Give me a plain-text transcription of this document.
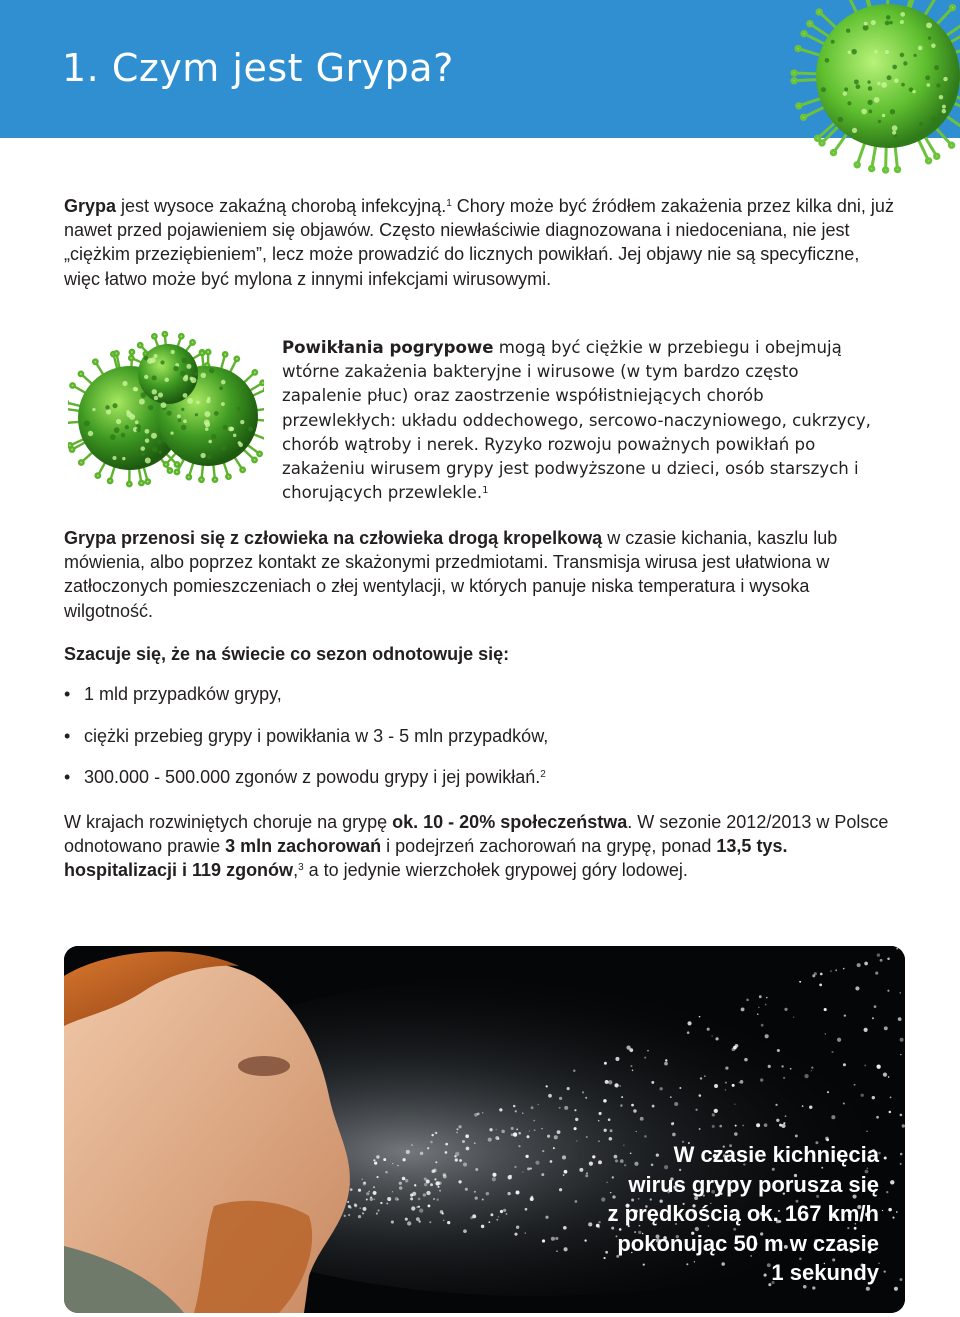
1. Czym jest Grypa?

Grypa jest wysoce zakaźną chorobą infekcyjną.$^1$ Chory może być źródłem zakażenia przez kilka dni, już nawet przed pojawieniem się objawów. Często niewłaściwie diagnozowana i niedoceniana, nie jest „ciężkim przeziębieniem”, lecz może prowadzić do licznych powikłań. Jej objawy nie są specyficzne, więc łatwo może być mylona z innymi infekcjami wirusowymi.

Powikłania pogrypowe mogą być ciężkie w przebiegu i obejmują wtórne zakażenia bakteryjne i wirusowe (w tym bardzo często zapalenie płuc) oraz zaostrzenie współistniejących chorób przewlekłych: układu oddechowego, sercowo-naczyniowego, cukrzycy, chorób wątroby i nerek. Ryzyko rozwoju poważnych powikłań po zakażeniu wirusem grypy jest podwyższone u dzieci, osób starszych i chorujących przewlekle.$^1$

Grypa przenosi się z człowieka na człowieka drogą kropelkową w czasie kichania, kaszlu lub mówienia, albo poprzez kontakt ze skażonymi przedmiotami. Transmisja wirusa jest ułatwiona w zatłoczonych pomieszczeniach o złej wentylacji, w których panuje niska temperatura i wysoka wilgotność.

Szacuje się, że na świecie co sezon odnotowuje się:

• 1 mld przypadków grypy,
• ciężki przebieg grypy i powikłania w 3 - 5 mln przypadków,
• 300.000 - 500.000 zgonów z powodu grypy i jej powikłań.$^2$

W krajach rozwiniętych choruje na grypę ok. 10 - 20% społeczeństwa. W sezonie 2012/2013 w Polsce odnotowano prawie 3 mln zachorowań i podejrzeń zachorowań na grypę, ponad 13,5 tys. hospitalizacji i 119 zgonów,$^3$ a to jedynie wierzchołek grypowej góry lodowej.

W czasie kichnięcia
wirus grypy porusza się
z prędkością ok. 167 km/h
pokonując 50 m w czasie
1 sekundy
